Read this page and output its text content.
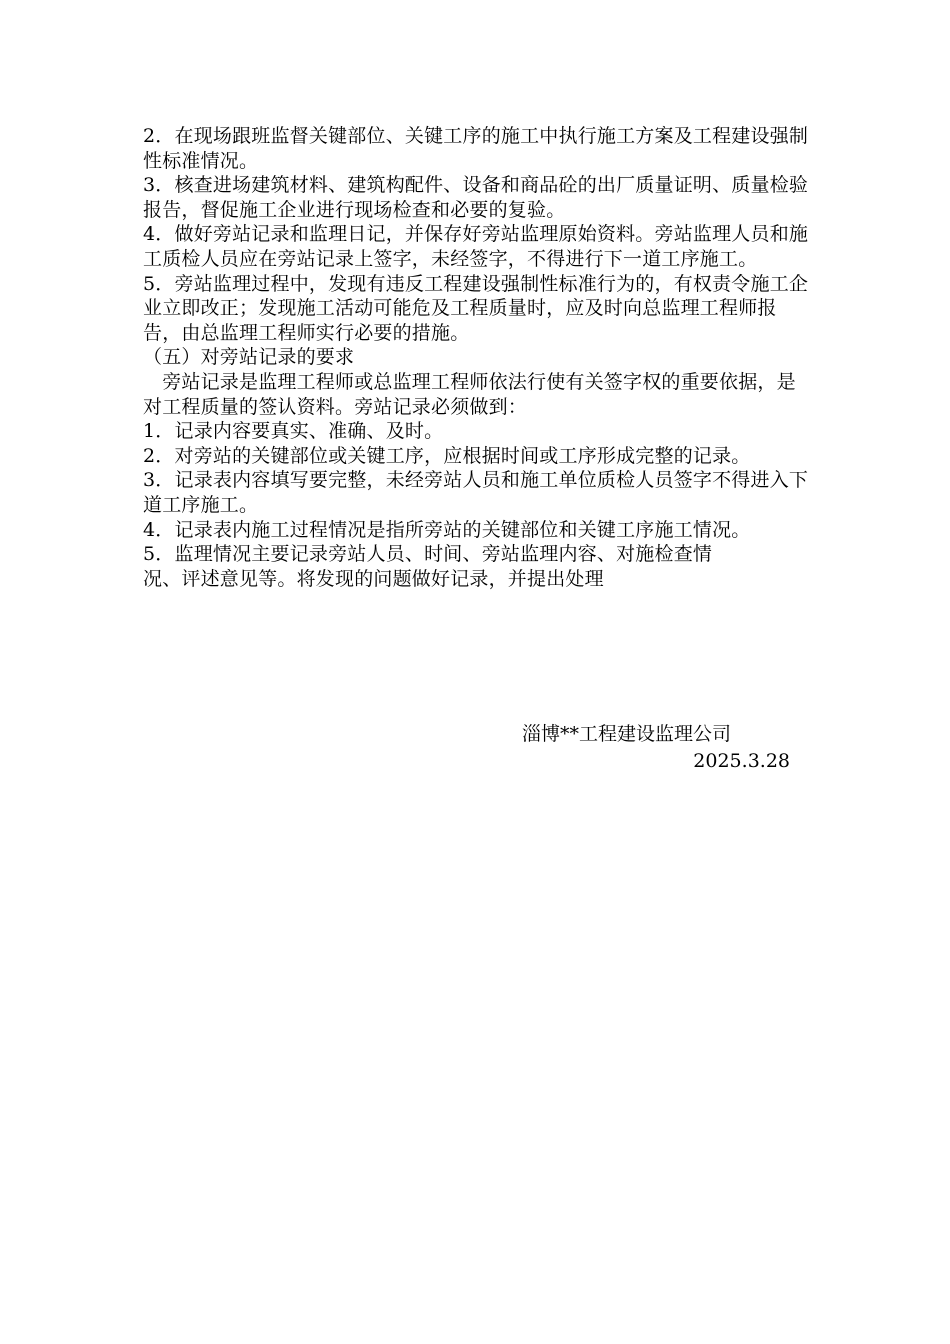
2．在现场跟班监督关键部位、关键工序的施工中执行施工方案及工程建设强制性标准情况。

3．核查进场建筑材料、建筑构配件、设备和商品砼的出厂质量证明、质量检验报告，督促施工企业进行现场检查和必要的复验。

4．做好旁站记录和监理日记，并保存好旁站监理原始资料。旁站监理人员和施工质检人员应在旁站记录上签字，未经签字，不得进行下一道工序施工。

5．旁站监理过程中，发现有违反工程建设强制性标准行为的，有权责令施工企业立即改正；发现施工活动可能危及工程质量时，应及时向总监理工程师报告，由总监理工程师实行必要的措施。

（五）对旁站记录的要求

　旁站记录是监理工程师或总监理工程师依法行使有关签字权的重要依据，是对工程质量的签认资料。旁站记录必须做到：

1．记录内容要真实、准确、及时。

2．对旁站的关键部位或关键工序，应根据时间或工序形成完整的记录。

3．记录表内容填写要完整，未经旁站人员和施工单位质检人员签字不得进入下道工序施工。

4．记录表内施工过程情况是指所旁站的关键部位和关键工序施工情况。

5．监理情况主要记录旁站人员、时间、旁站监理内容、对施检查情况、评述意见等。将发现的问题做好记录，并提出处理

淄博**工程建设监理公司
2025.3.28
